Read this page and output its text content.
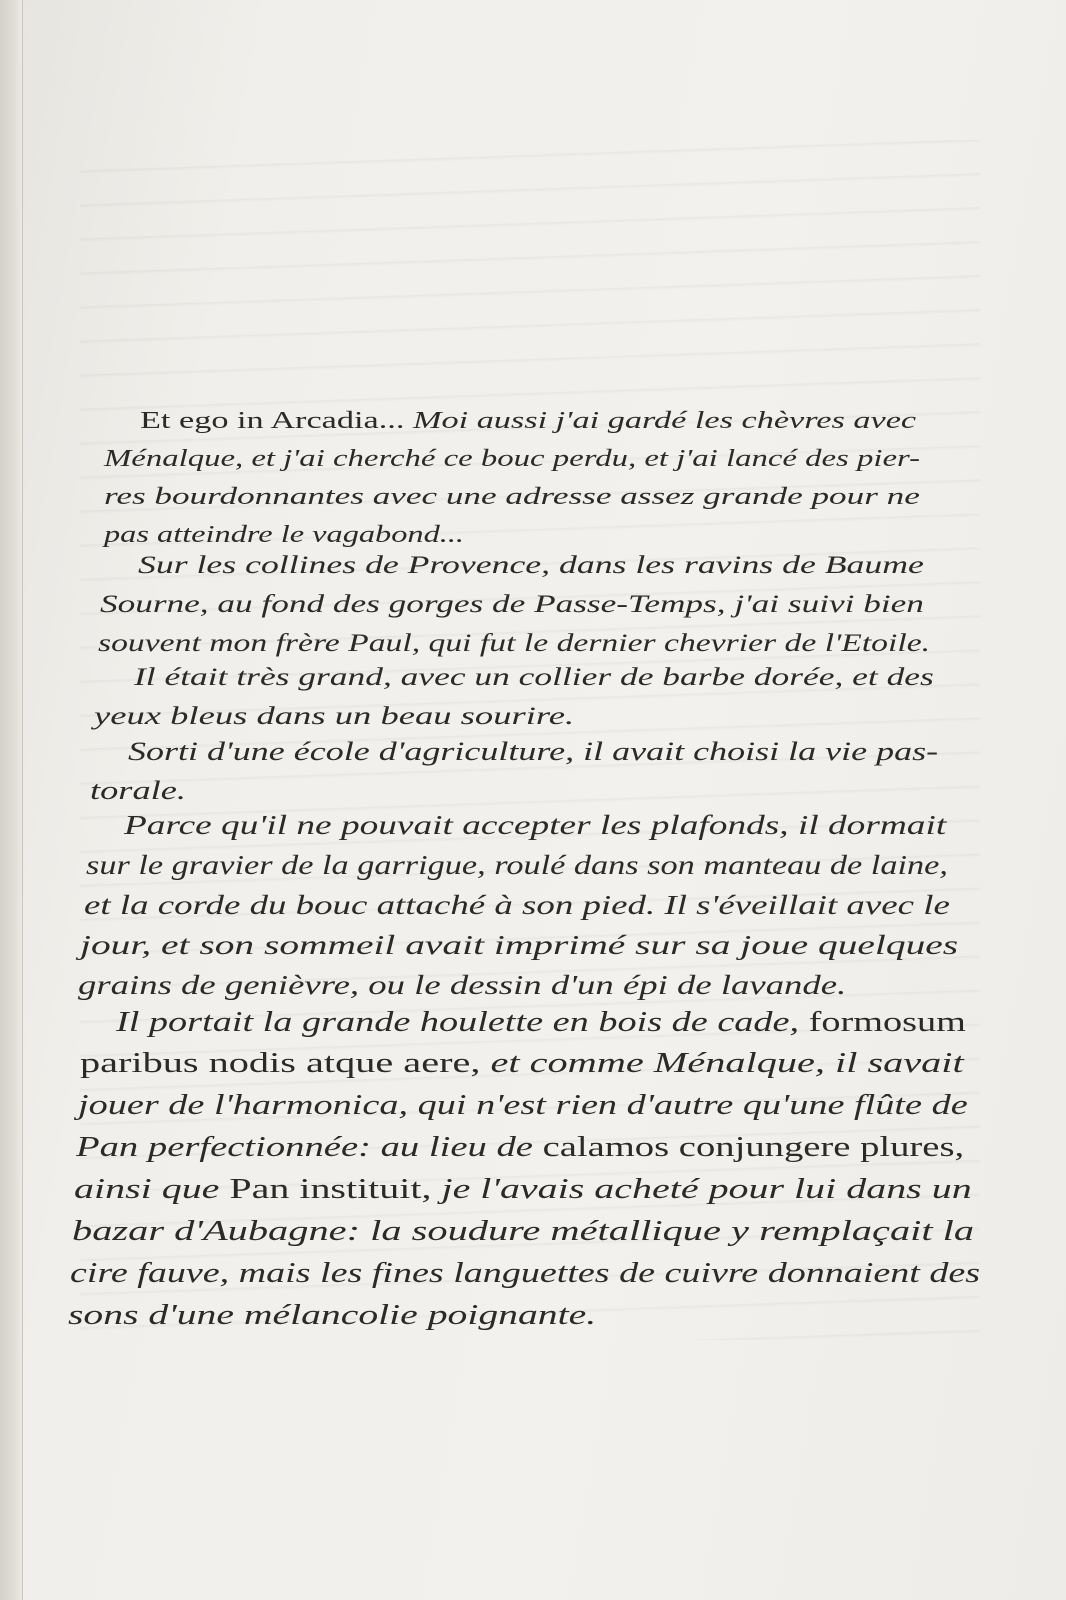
Et ego in Arcadia... Moi aussi j'ai gardé les chèvres avec
Ménalque, et j'ai cherché ce bouc perdu, et j'ai lancé des pier-
res bourdonnantes avec une adresse assez grande pour ne
pas atteindre le vagabond...
Sur les collines de Provence, dans les ravins de Baume
Sourne, au fond des gorges de Passe-Temps, j'ai suivi bien
souvent mon frère Paul, qui fut le dernier chevrier de l'Etoile.
Il était très grand, avec un collier de barbe dorée, et des
yeux bleus dans un beau sourire.
Sorti d'une école d'agriculture, il avait choisi la vie pas-
torale.
Parce qu'il ne pouvait accepter les plafonds, il dormait
sur le gravier de la garrigue, roulé dans son manteau de laine,
et la corde du bouc attaché à son pied. Il s'éveillait avec le
jour, et son sommeil avait imprimé sur sa joue quelques
grains de genièvre, ou le dessin d'un épi de lavande.
Il portait la grande houlette en bois de cade, formosum
paribus nodis atque aere, et comme Ménalque, il savait
jouer de l'harmonica, qui n'est rien d'autre qu'une flûte de
Pan perfectionnée: au lieu de calamos conjungere plures,
ainsi que Pan instituit, je l'avais acheté pour lui dans un
bazar d'Aubagne: la soudure métallique y remplaçait la
cire fauve, mais les fines languettes de cuivre donnaient des
sons d'une mélancolie poignante.
